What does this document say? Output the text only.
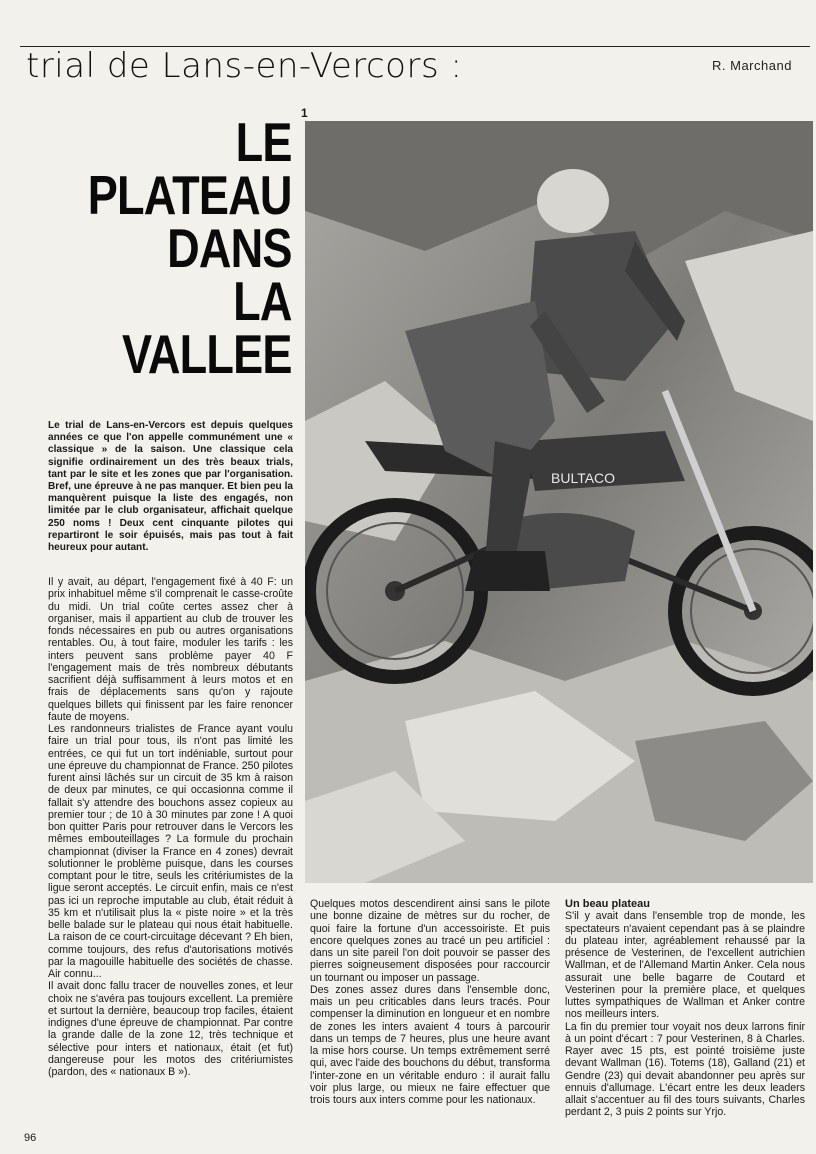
trial de Lans-en-Vercors :	R. Marchand
LE
PLATEAU
DANS
LA
VALLEE
1
BULTACO
Le trial de Lans-en-Vercors est depuis quelques années ce que l'on appelle communément une « classique » de la saison. Une classique cela signifie ordinairement un des très beaux trials, tant par le site et les zones que par l'organisation. Bref, une épreuve à ne pas manquer. Et bien peu la manquèrent puisque la liste des engagés, non limitée par le club organisateur, affichait quelque 250 noms ! Deux cent cinquante pilotes qui repartiront le soir épuisés, mais pas tout à fait heureux pour autant.

Il y avait, au départ, l'engagement fixé à 40 F: un prix inhabituel même s'il comprenait le casse-croûte du midi. Un trial coûte certes assez cher à organiser, mais il appartient au club de trouver les fonds nécessaires en pub ou autres organisations rentables. Ou, à tout faire, moduler les tarifs : les inters peuvent sans problème payer 40 F l'engagement mais de très nombreux débutants sacrifient déjà suffisamment à leurs motos et en frais de déplacements sans qu'on y rajoute quelques billets qui finissent par les faire renoncer faute de moyens.

Les randonneurs trialistes de France ayant voulu faire un trial pour tous, ils n'ont pas limité les entrées, ce qui fut un tort indéniable, surtout pour une épreuve du championnat de France. 250 pilotes furent ainsi lâchés sur un circuit de 35 km à raison de deux par minutes, ce qui occasionna comme il fallait s'y attendre des bouchons assez copieux au premier tour ; de 10 à 30 minutes par zone ! A quoi bon quitter Paris pour retrouver dans le Vercors les mêmes embouteillages ? La formule du prochain championnat (diviser la France en 4 zones) devrait solutionner le problème puisque, dans les courses comptant pour le titre, seuls les critériumistes de la ligue seront acceptés. Le circuit enfin, mais ce n'est pas ici un reproche imputable au club, était réduit à 35 km et n'utilisait plus la « piste noire » et la très belle balade sur le plateau qui nous était habituelle. La raison de ce court-circuitage décevant ? Eh bien, comme toujours, des refus d'autorisations motivés par la magouille habituelle des sociétés de chasse. Air connu...

Il avait donc fallu tracer de nouvelles zones, et leur choix ne s'avéra pas toujours excellent. La première et surtout la dernière, beaucoup trop faciles, étaient indignes d'une épreuve de championnat. Par contre la grande dalle de la zone 12, très technique et sélective pour inters et nationaux, était (et fut) dangereuse pour les motos des critériumistes (pardon, des « nationaux B »).

Quelques motos descendirent ainsi sans le pilote une bonne dizaine de mètres sur du rocher, de quoi faire la fortune d'un accessoiriste. Et puis encore quelques zones au tracé un peu artificiel : dans un site pareil l'on doit pouvoir se passer des pierres soigneusement disposées pour raccourcir un tournant ou imposer un passage.

Des zones assez dures dans l'ensemble donc, mais un peu criticables dans leurs tracés. Pour compenser la diminution en longueur et en nombre de zones les inters avaient 4 tours à parcourir dans un temps de 7 heures, plus une heure avant la mise hors course. Un temps extrêmement serré qui, avec l'aide des bouchons du début, transforma l'inter-zone en un véritable enduro : il aurait fallu voir plus large, ou mieux ne faire effectuer que trois tours aux inters comme pour les nationaux.

Un beau plateau

S'il y avait dans l'ensemble trop de monde, les spectateurs n'avaient cependant pas à se plaindre du plateau inter, agréablement rehaussé par la présence de Vesterinen, de l'excellent autrichien Wallman, et de l'Allemand Martin Anker. Cela nous assurait une belle bagarre de Coutard et Vesterinen pour la première place, et quelques luttes sympathiques de Wallman et Anker contre nos meilleurs inters.

La fin du premier tour voyait nos deux larrons finir à un point d'écart : 7 pour Vesterinen, 8 à Charles. Rayer avec 15 pts, est pointé troisième juste devant Wallman (16). Totems (18), Galland (21) et Gendre (23) qui devait abandonner peu après sur ennuis d'allumage. L'écart entre les deux leaders allait s'accentuer au fil des tours suivants, Charles perdant 2, 3 puis 2 points sur Yrjo.

96
